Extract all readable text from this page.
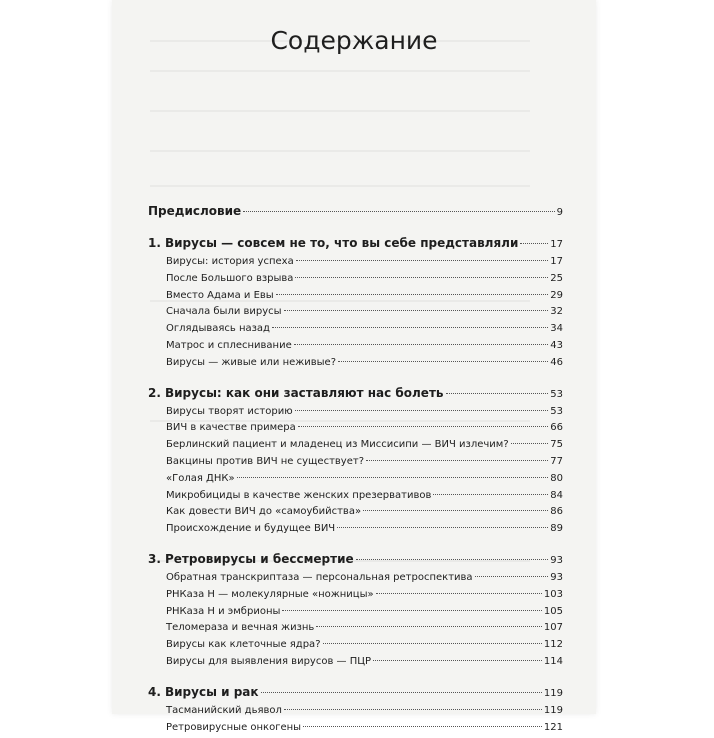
Содержание
Предисловие	9
1. Вирусы — совсем не то, что вы себе представляли	17
Вирусы: история успеха	17
После Большого взрыва	25
Вместо Адама и Евы	29
Сначала были вирусы	32
Оглядываясь назад	34
Матрос и сплеснивание	43
Вирусы — живые или неживые?	46
2. Вирусы: как они заставляют нас болеть	53
Вирусы творят историю	53
ВИЧ в качестве примера	66
Берлинский пациент и младенец из Миссисипи — ВИЧ излечим?	75
Вакцины против ВИЧ не существует?	77
«Голая ДНК»	80
Микробициды в качестве женских презервативов	84
Как довести ВИЧ до «самоубийства»	86
Происхождение и будущее ВИЧ	89
3. Ретровирусы и бессмертие	93
Обратная транскриптаза — персональная ретроспектива	93
РНКаза Н — молекулярные «ножницы»	103
РНКаза Н и эмбрионы	105
Теломераза и вечная жизнь	107
Вирусы как клеточные ядра?	112
Вирусы для выявления вирусов — ПЦР	114
4. Вирусы и рак	119
Тасманийский дьявол	119
Ретровирусные онкогены	121
